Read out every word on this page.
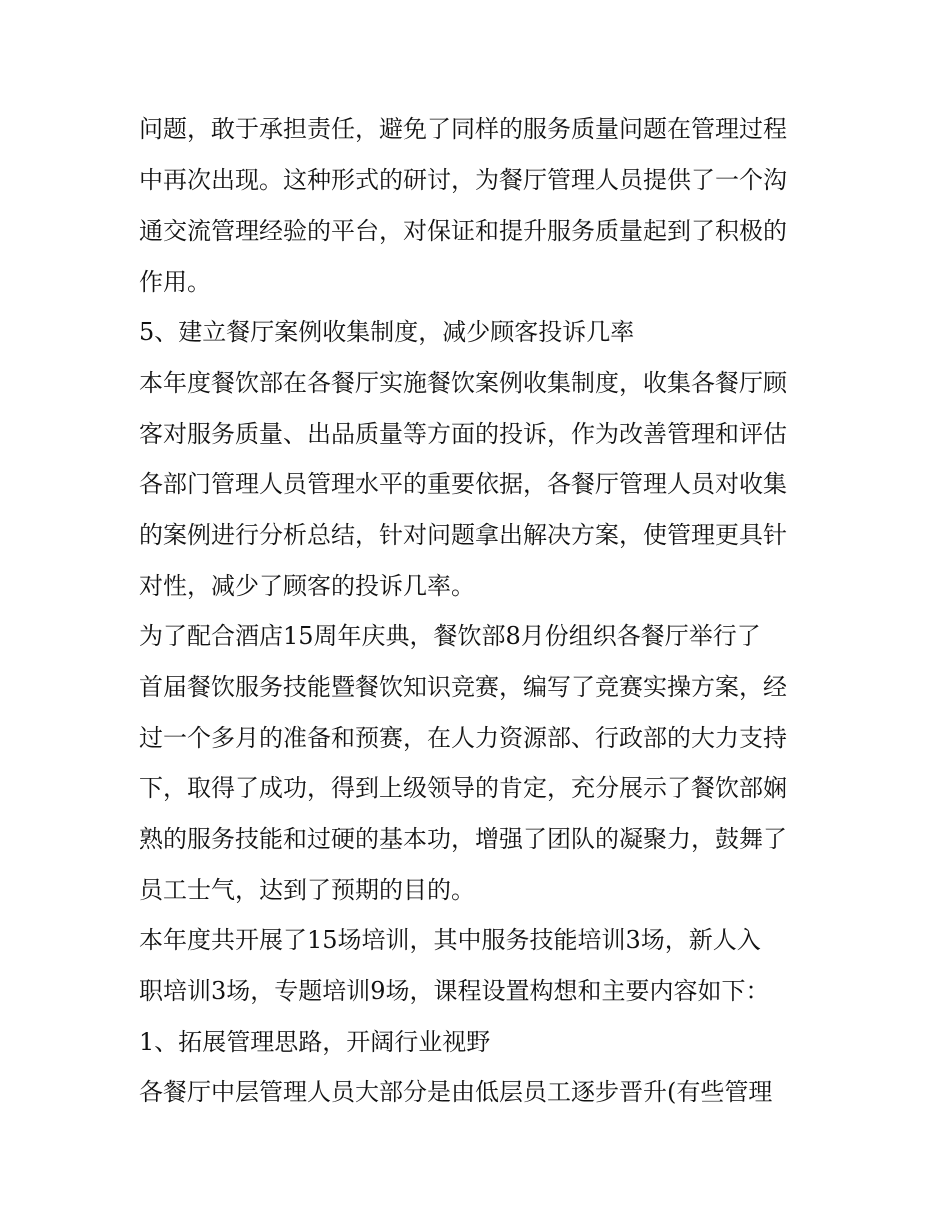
问题，敢于承担责任，避免了同样的服务质量问题在管理过程
中再次出现。这种形式的研讨，为餐厅管理人员提供了一个沟
通交流管理经验的平台，对保证和提升服务质量起到了积极的
作用。
5、建立餐厅案例收集制度，减少顾客投诉几率
本年度餐饮部在各餐厅实施餐饮案例收集制度，收集各餐厅顾
客对服务质量、出品质量等方面的投诉，作为改善管理和评估
各部门管理人员管理水平的重要依据，各餐厅管理人员对收集
的案例进行分析总结，针对问题拿出解决方案，使管理更具针
对性，减少了顾客的投诉几率。
为了配合酒店15周年庆典，餐饮部8月份组织各餐厅举行了
首届餐饮服务技能暨餐饮知识竞赛，编写了竞赛实操方案，经
过一个多月的准备和预赛，在人力资源部、行政部的大力支持
下，取得了成功，得到上级领导的肯定，充分展示了餐饮部娴
熟的服务技能和过硬的基本功，增强了团队的凝聚力，鼓舞了
员工士气，达到了预期的目的。
本年度共开展了15场培训，其中服务技能培训3场，新人入
职培训3场，专题培训9场，课程设置构想和主要内容如下：
1、拓展管理思路，开阔行业视野
各餐厅中层管理人员大部分是由低层员工逐步晋升(有些管理
